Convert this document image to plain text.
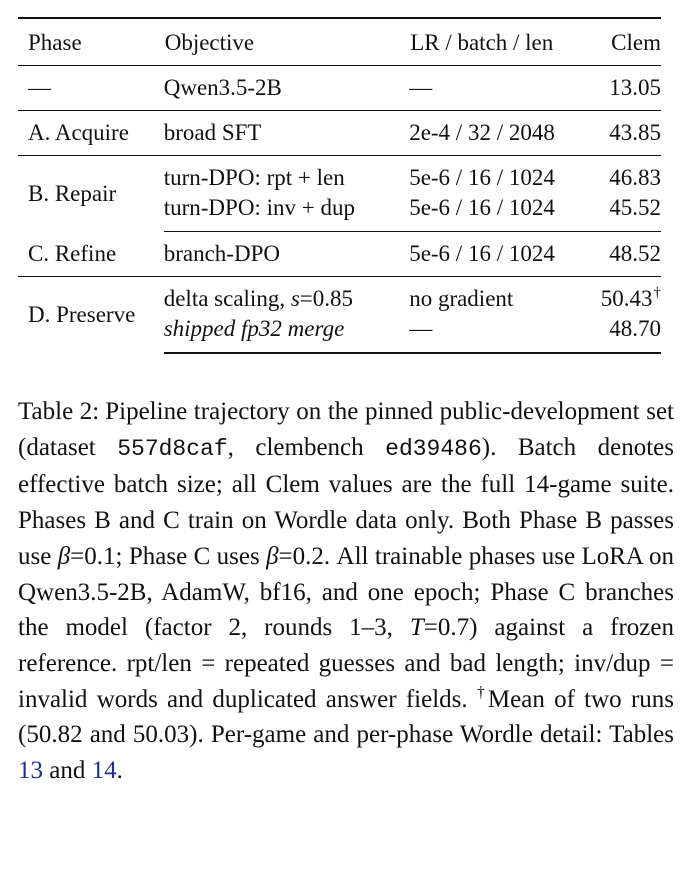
Phase	Objective	LR / batch / len	Clem
—	Qwen3.5-2B	—	13.05
A. Acquire	broad SFT	2e-4 / 32 / 2048	43.85
B. Repair	turn-DPO: rpt + len	5e-6 / 16 / 1024	46.83
	turn-DPO: inv + dup	5e-6 / 16 / 1024	45.52
C. Refine	branch-DPO	5e-6 / 16 / 1024	48.52
D. Preserve	delta scaling, s=0.85	no gradient	50.43†
	shipped fp32 merge	—	48.70

Table 2: Pipeline trajectory on the pinned public-development set (dataset 557d8caf, clembench ed39486). Batch denotes effective batch size; all Clem values are the full 14-game suite. Phases B and C train on Wordle data only. Both Phase B passes use β=0.1; Phase C uses β=0.2. All trainable phases use LoRA on Qwen3.5-2B, AdamW, bf16, and one epoch; Phase C branches the model (factor 2, rounds 1–3, T=0.7) against a frozen reference. rpt/len = repeated guesses and bad length; inv/dup = invalid words and duplicated answer fields. †Mean of two runs (50.82 and 50.03). Per-game and per-phase Wordle detail: Tables 13 and 14.
